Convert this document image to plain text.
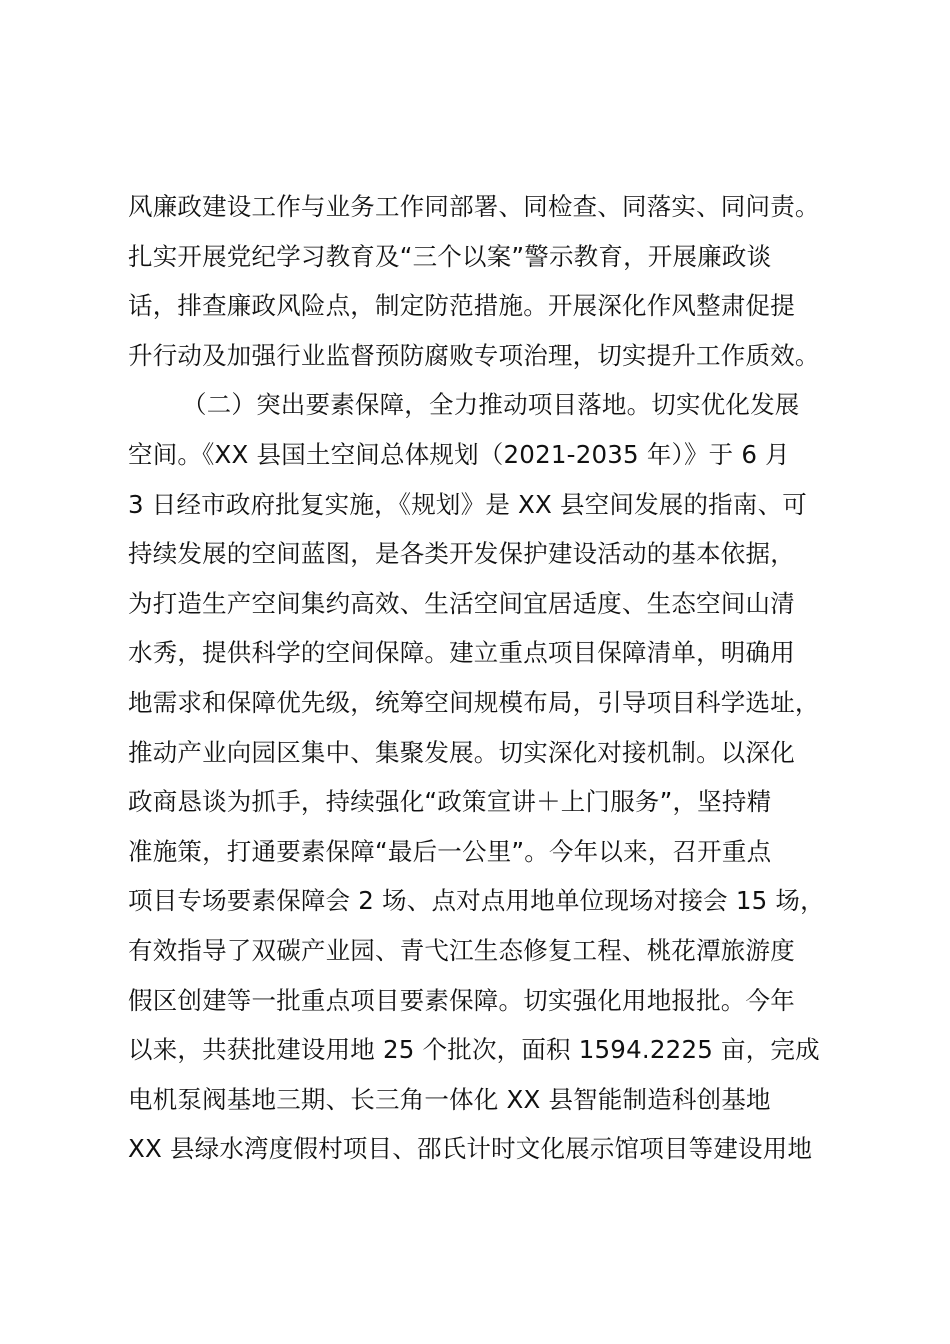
风廉政建设工作与业务工作同部署、同检查、同落实、同问责。
扎实开展党纪学习教育及“三个以案”警示教育，开展廉政谈
话，排查廉政风险点，制定防范措施。开展深化作风整肃促提
升行动及加强行业监督预防腐败专项治理，切实提升工作质效。
（二）突出要素保障，全力推动项目落地。切实优化发展
空间。《XX 县国土空间总体规划（2021-2035 年）》于 6 月
3 日经市政府批复实施，《规划》是 XX 县空间发展的指南、可
持续发展的空间蓝图，是各类开发保护建设活动的基本依据，
为打造生产空间集约高效、生活空间宜居适度、生态空间山清
水秀，提供科学的空间保障。建立重点项目保障清单，明确用
地需求和保障优先级，统筹空间规模布局，引导项目科学选址，
推动产业向园区集中、集聚发展。切实深化对接机制。以深化
政商恳谈为抓手，持续强化“政策宣讲＋上门服务”，坚持精
准施策，打通要素保障“最后一公里”。今年以来，召开重点
项目专场要素保障会 2 场、点对点用地单位现场对接会 15 场，
有效指导了双碳产业园、青弋江生态修复工程、桃花潭旅游度
假区创建等一批重点项目要素保障。切实强化用地报批。今年
以来，共获批建设用地 25 个批次，面积 1594.2225 亩，完成
电机泵阀基地三期、长三角一体化 XX 县智能制造科创基地
XX 县绿水湾度假村项目、邵氏计时文化展示馆项目等建设用地
